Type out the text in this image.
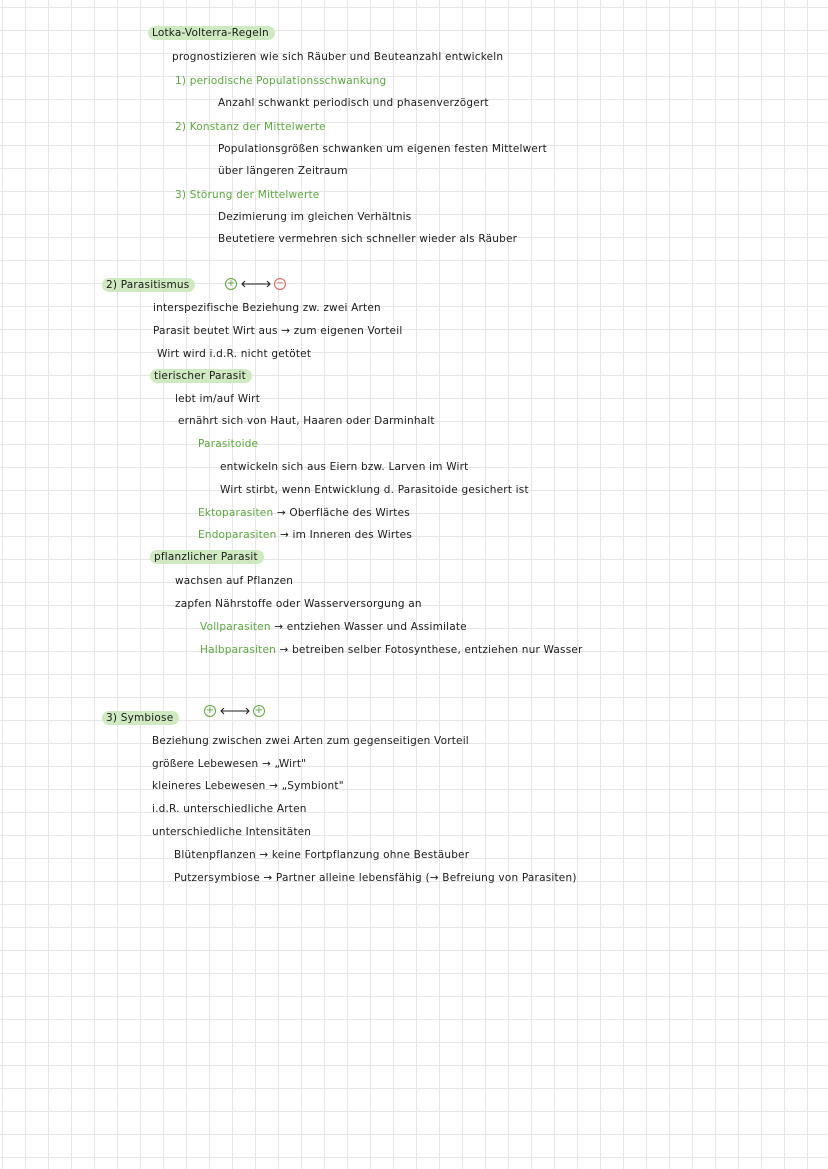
Lotka-Volterra-Regeln
prognostizieren wie sich Räuber und Beuteanzahl entwickeln
1) periodische Populationsschwankung
Anzahl schwankt periodisch und phasenverzögert
2) Konstanz der Mittelwerte
Populationsgrößen schwanken um eigenen festen Mittelwert
über längeren Zeitraum
3) Störung der Mittelwerte
Dezimierung im gleichen Verhältnis
Beutetiere vermehren sich schneller wieder als Räuber
2) Parasitismus	+	−
interspezifische Beziehung zw. zwei Arten
Parasit beutet Wirt aus → zum eigenen Vorteil
Wirt wird i.d.R. nicht getötet
tierischer Parasit
lebt im/auf Wirt
ernährt sich von Haut, Haaren oder Darminhalt
Parasitoide
entwickeln sich aus Eiern bzw. Larven im Wirt
Wirt stirbt, wenn Entwicklung d. Parasitoide gesichert ist
Ektoparasiten → Oberfläche des Wirtes
Endoparasiten → im Inneren des Wirtes
pflanzlicher Parasit
wachsen auf Pflanzen
zapfen Nährstoffe oder Wasserversorgung an
Vollparasiten → entziehen Wasser und Assimilate
Halbparasiten → betreiben selber Fotosynthese, entziehen nur Wasser
3) Symbiose
+	+
Beziehung zwischen zwei Arten zum gegenseitigen Vorteil
größere Lebewesen → „Wirt"
kleineres Lebewesen → „Symbiont"
i.d.R. unterschiedliche Arten
unterschiedliche Intensitäten
Blütenpflanzen → keine Fortpflanzung ohne Bestäuber
Putzersymbiose → Partner alleine lebensfähig (→ Befreiung von Parasiten)
